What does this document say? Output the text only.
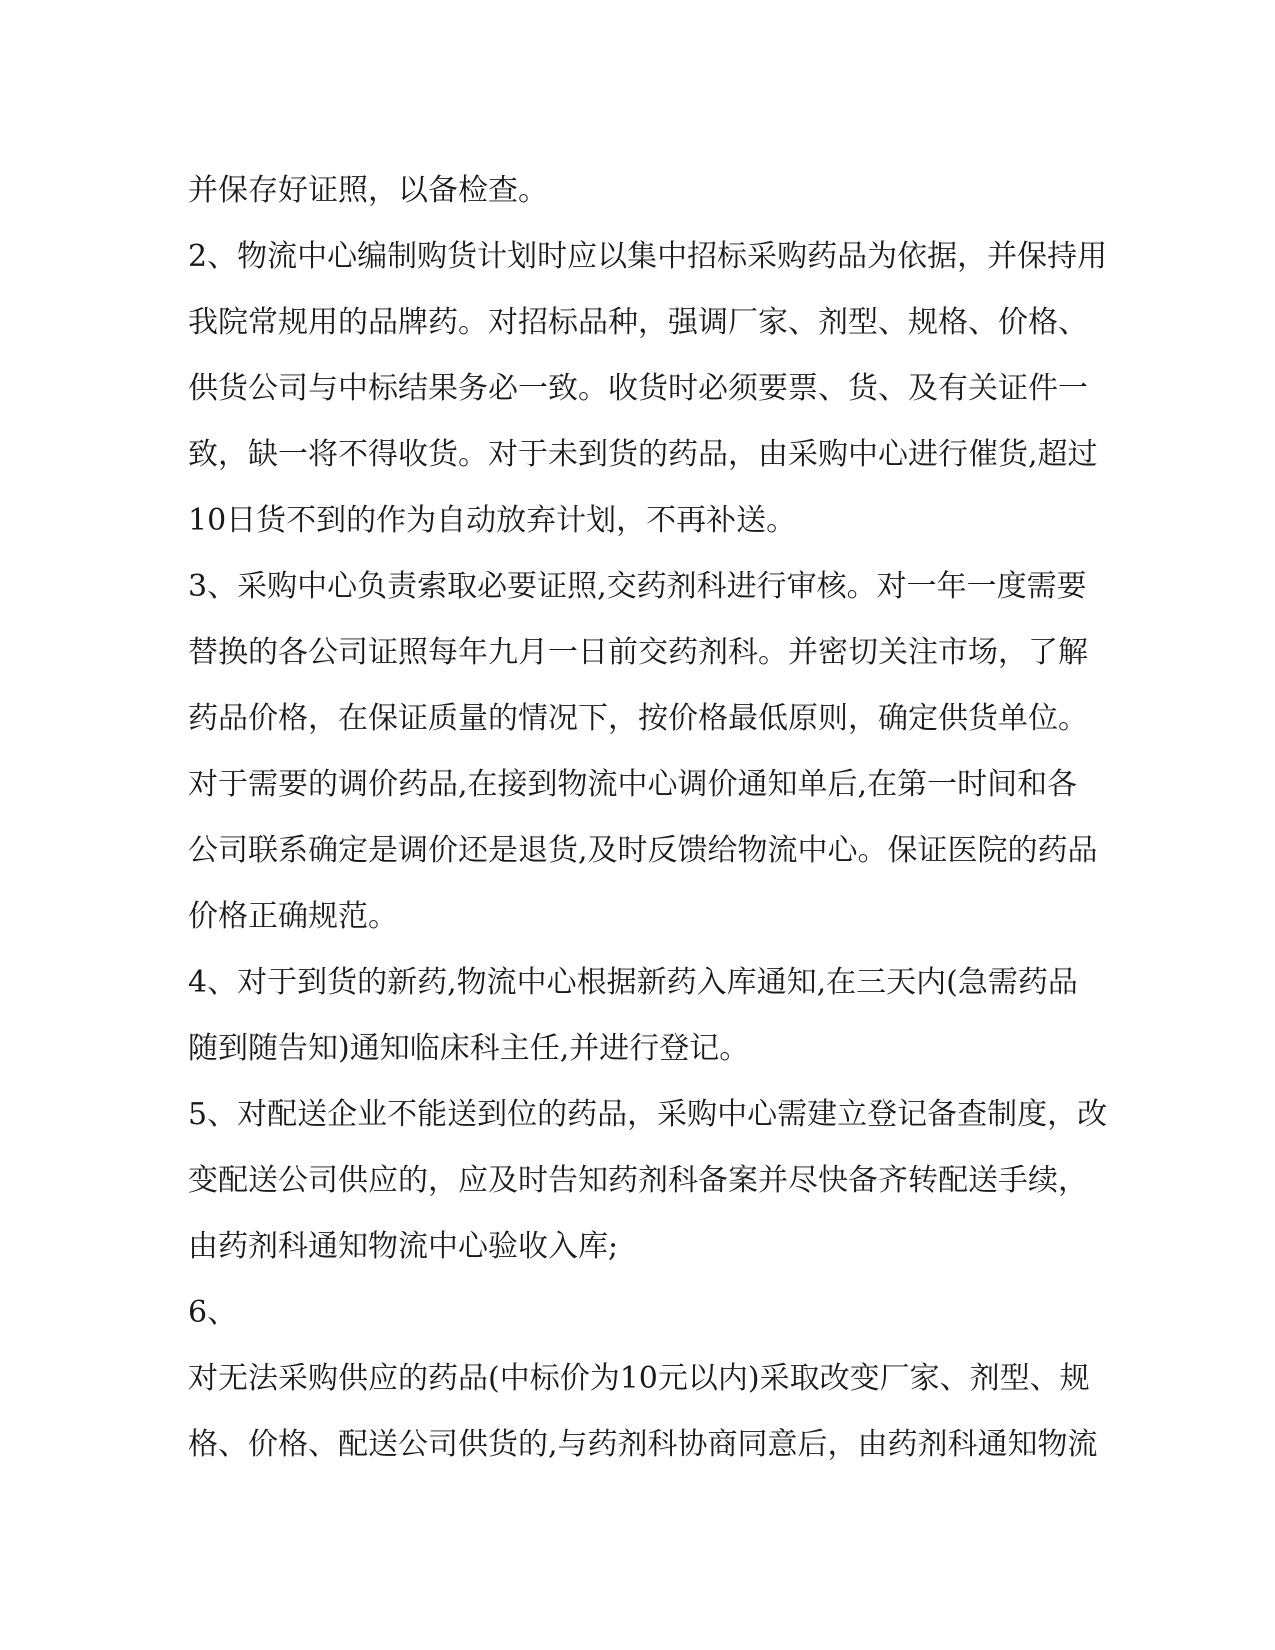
并保存好证照，以备检查。
2、物流中心编制购货计划时应以集中招标采购药品为依据，并保持用
我院常规用的品牌药。对招标品种，强调厂家、剂型、规格、价格、
供货公司与中标结果务必一致。收货时必须要票、货、及有关证件一
致，缺一将不得收货。对于未到货的药品，由采购中心进行催货,超过
10日货不到的作为自动放弃计划，不再补送。
3、采购中心负责索取必要证照,交药剂科进行审核。对一年一度需要
替换的各公司证照每年九月一日前交药剂科。并密切关注市场，了解
药品价格，在保证质量的情况下，按价格最低原则，确定供货单位。
对于需要的调价药品,在接到物流中心调价通知单后,在第一时间和各
公司联系确定是调价还是退货,及时反馈给物流中心。保证医院的药品
价格正确规范。
4、对于到货的新药,物流中心根据新药入库通知,在三天内(急需药品
随到随告知)通知临床科主任,并进行登记。
5、对配送企业不能送到位的药品，采购中心需建立登记备查制度，改
变配送公司供应的，应及时告知药剂科备案并尽快备齐转配送手续，
由药剂科通知物流中心验收入库;
6、
对无法采购供应的药品(中标价为10元以内)采取改变厂家、剂型、规
格、价格、配送公司供货的,与药剂科协商同意后，由药剂科通知物流
